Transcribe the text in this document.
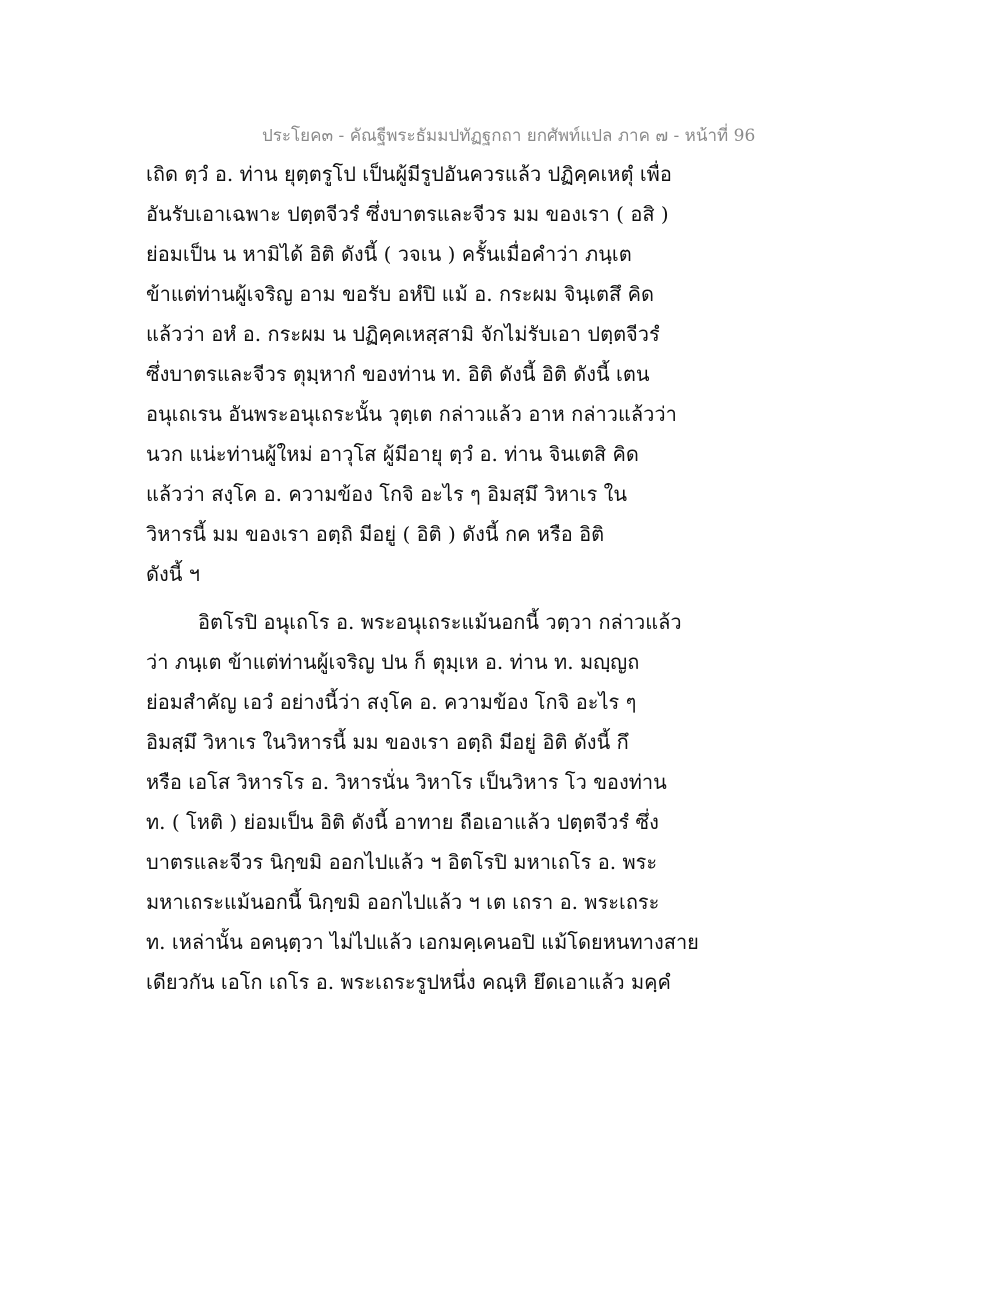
ประโยค๓ - คัณฐีพระธัมมปทัฏฐกถา ยกศัพท์แปล ภาค ๗ - หน้าที่ 96
เถิด ตฺวํ อ. ท่าน ยุตฺตรูโป เป็นผู้มีรูปอันควรแล้ว ปฏิคฺคเหตุํ เพื่อ
อันรับเอาเฉพาะ ปตฺตจีวรํ ซึ่งบาตรและจีวร มม ของเรา ( อสิ )
ย่อมเป็น น หามิได้ อิติ ดังนี้ ( วจเน ) ครั้นเมื่อคำว่า ภนฺเต
ข้าแต่ท่านผู้เจริญ อาม ขอรับ อหํปิ แม้ อ. กระผม จินฺเตสึ คิด
แล้วว่า อหํ อ. กระผม น ปฏิคฺคเหสฺสามิ จักไม่รับเอา ปตฺตจีวรํ
ซึ่งบาตรและจีวร ตุมฺหากํ ของท่าน ท. อิติ ดังนี้ อิติ ดังนี้ เตน
อนุเถเรน อันพระอนุเถระนั้น วุตฺเต กล่าวแล้ว อาห กล่าวแล้วว่า
นวก แน่ะท่านผู้ใหม่ อาวุโส ผู้มีอายุ ตฺวํ อ. ท่าน จินเตสิ คิด
แล้วว่า สงฺโค อ. ความข้อง โกจิ อะไร ๆ อิมสฺมึ วิหาเร ใน
วิหารนี้ มม ของเรา อตฺถิ มีอยู่ ( อิติ ) ดังนี้ กค หรือ อิติ
ดังนี้ ฯ
อิตโรปิ อนุเถโร อ. พระอนุเถระแม้นอกนี้ วตฺวา กล่าวแล้ว
ว่า ภนฺเต ข้าแต่ท่านผู้เจริญ ปน ก็ ตุมฺเห อ. ท่าน ท. มญฺญถ
ย่อมสำคัญ เอวํ อย่างนี้ว่า สงฺโค อ. ความข้อง โกจิ อะไร ๆ
อิมสฺมึ วิหาเร ในวิหารนี้ มม ของเรา อตฺถิ มีอยู่ อิติ ดังนี้ กึ
หรือ เอโส วิหารโร อ. วิหารนั่น วิหาโร เป็นวิหาร โว ของท่าน
ท. ( โหติ ) ย่อมเป็น อิติ ดังนี้ อาทาย ถือเอาแล้ว ปตฺตจีวรํ ซึ่ง
บาตรและจีวร นิกฺขมิ ออกไปแล้ว ฯ อิตโรปิ มหาเถโร อ. พระ
มหาเถระแม้นอกนี้ นิกฺขมิ ออกไปแล้ว ฯ เต เถรา อ. พระเถระ
ท. เหล่านั้น อคนฺตฺวา ไม่ไปแล้ว เอกมคฺเคนอปิ แม้โดยหนทางสาย
เดียวกัน เอโก เถโร อ. พระเถระรูปหนึ่ง คณฺหิ ยึดเอาแล้ว มคฺคํ
